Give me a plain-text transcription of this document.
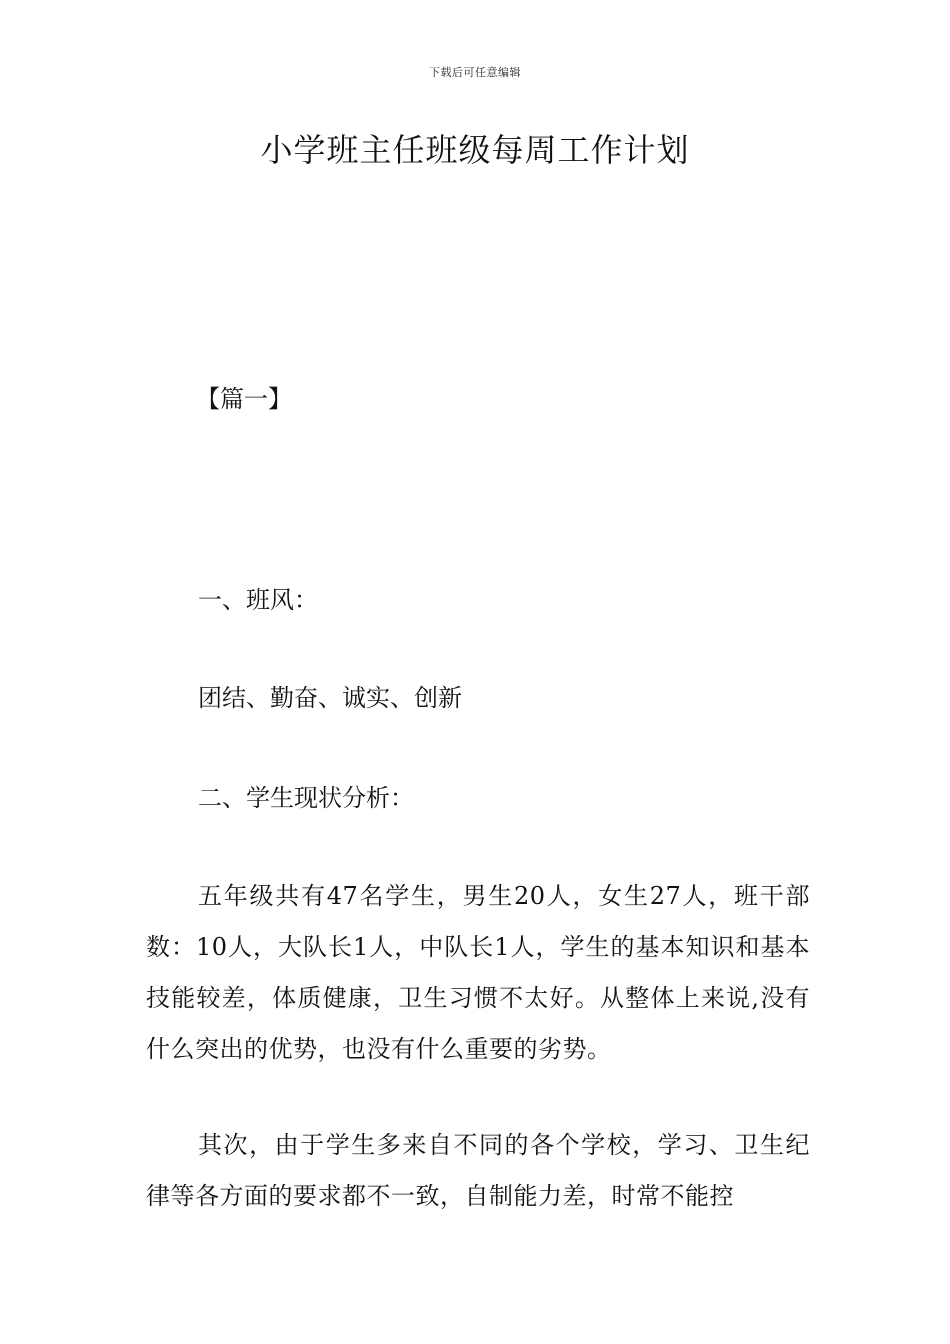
下载后可任意编辑
小学班主任班级每周工作计划
【篇一】

一、班风：

团结、勤奋、诚实、创新

二、学生现状分析：

五年级共有47名学生，男生20人，女生27人，班干部数：10人，大队长1人，中队长1人，学生的基本知识和基本技能较差，体质健康，卫生习惯不太好。从整体上来说,没有什么突出的优势，也没有什么重要的劣势。

其次，由于学生多来自不同的各个学校，学习、卫生纪律等各方面的要求都不一致，自制能力差，时常不能控
